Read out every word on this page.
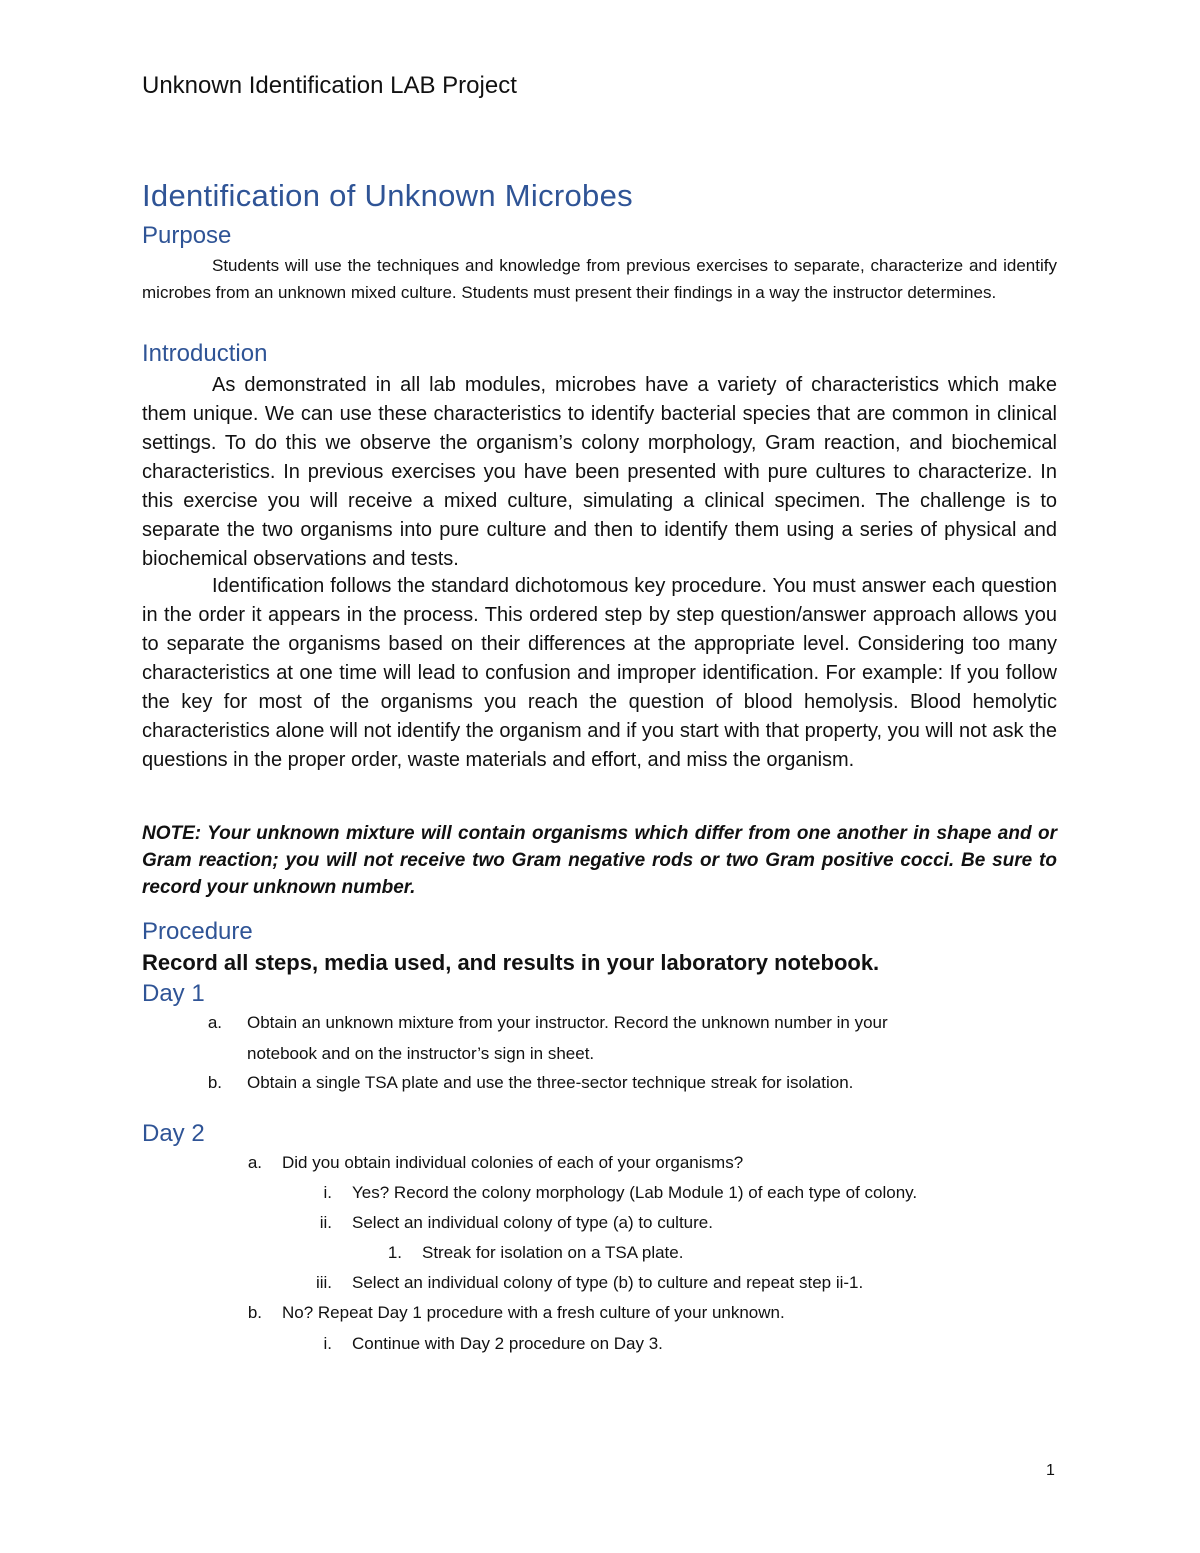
Unknown Identification LAB Project
Identification of Unknown Microbes
Purpose
Students will use the techniques and knowledge from previous exercises to separate, characterize and identify microbes from an unknown mixed culture. Students must present their findings in a way the instructor determines.
Introduction
As demonstrated in all lab modules, microbes have a variety of characteristics which make them unique. We can use these characteristics to identify bacterial species that are common in clinical settings. To do this we observe the organism’s colony morphology, Gram reaction, and biochemical characteristics. In previous exercises you have been presented with pure cultures to characterize. In this exercise you will receive a mixed culture, simulating a clinical specimen. The challenge is to separate the two organisms into pure culture and then to identify them using a series of physical and biochemical observations and tests.
Identification follows the standard dichotomous key procedure. You must answer each question in the order it appears in the process. This ordered step by step question/answer approach allows you to separate the organisms based on their differences at the appropriate level. Considering too many characteristics at one time will lead to confusion and improper identification. For example: If you follow the key for most of the organisms you reach the question of blood hemolysis. Blood hemolytic characteristics alone will not identify the organism and if you start with that property, you will not ask the questions in the proper order, waste materials and effort, and miss the organism.
NOTE: Your unknown mixture will contain organisms which differ from one another in shape and or Gram reaction; you will not receive two Gram negative rods or two Gram positive cocci. Be sure to record your unknown number.
Procedure
Record all steps, media used, and results in your laboratory notebook.
Day 1
a. Obtain an unknown mixture from your instructor. Record the unknown number in your
notebook and on the instructor’s sign in sheet.
b. Obtain a single TSA plate and use the three-sector technique streak for isolation.
Day 2
a. Did you obtain individual colonies of each of your organisms?
i. Yes? Record the colony morphology (Lab Module 1) of each type of colony.
ii. Select an individual colony of type (a) to culture.
1. Streak for isolation on a TSA plate.
iii. Select an individual colony of type (b) to culture and repeat step ii-1.
b. No? Repeat Day 1 procedure with a fresh culture of your unknown.
i. Continue with Day 2 procedure on Day 3.
1
